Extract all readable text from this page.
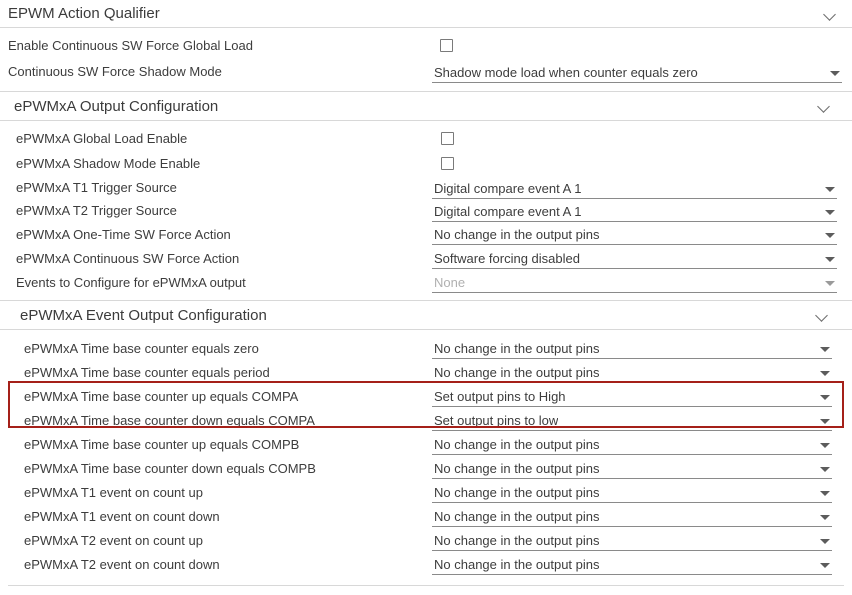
EPWM Action Qualifier
Enable Continuous SW Force Global Load
Continuous SW Force Shadow Mode	Shadow mode load when counter equals zero
ePWMxA Output Configuration
ePWMxA Global Load Enable
ePWMxA Shadow Mode Enable
ePWMxA T1 Trigger Source	Digital compare event A 1
ePWMxA T2 Trigger Source	Digital compare event A 1
ePWMxA One-Time SW Force Action	No change in the output pins
ePWMxA Continuous SW Force Action	Software forcing disabled
Events to Configure for ePWMxA output	None
ePWMxA Event Output Configuration
ePWMxA Time base counter equals zero	No change in the output pins
ePWMxA Time base counter equals period	No change in the output pins
ePWMxA Time base counter up equals COMPA	Set output pins to High
ePWMxA Time base counter down equals COMPA	Set output pins to low
ePWMxA Time base counter up equals COMPB	No change in the output pins
ePWMxA Time base counter down equals COMPB	No change in the output pins
ePWMxA T1 event on count up	No change in the output pins
ePWMxA T1 event on count down	No change in the output pins
ePWMxA T2 event on count up	No change in the output pins
ePWMxA T2 event on count down	No change in the output pins
